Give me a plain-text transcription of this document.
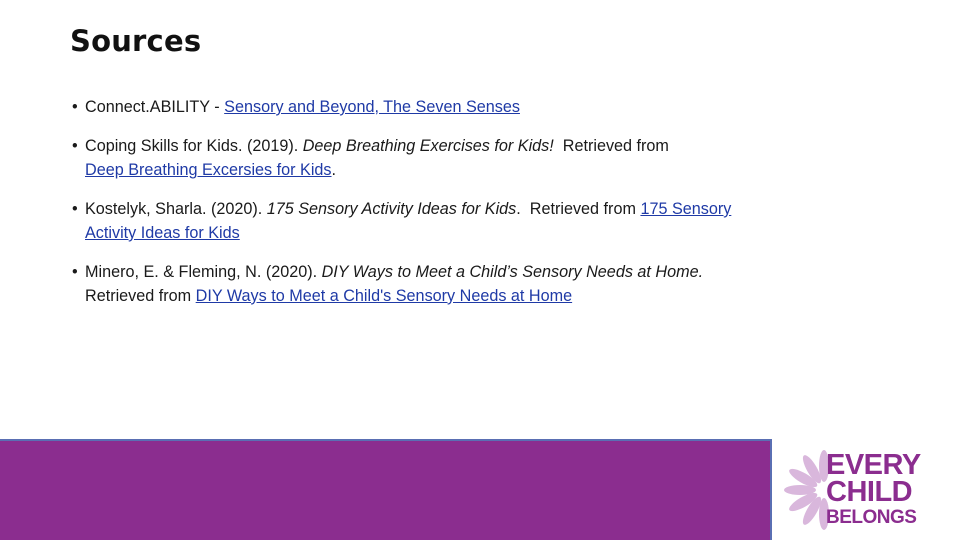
Sources
• Connect.ABILITY - Sensory and Beyond, The Seven Senses
• Coping Skills for Kids. (2019). Deep Breathing Exercises for Kids!  Retrieved from
Deep Breathing Excersies for Kids.
• Kostelyk, Sharla. (2020). 175 Sensory Activity Ideas for Kids.  Retrieved from 175 Sensory Activity Ideas for Kids
• Minero, E. & Fleming, N. (2020). DIY Ways to Meet a Child’s Sensory Needs at Home.  Retrieved from DIY Ways to Meet a Child's Sensory Needs at Home
EVERY
CHILD
BELONGS
